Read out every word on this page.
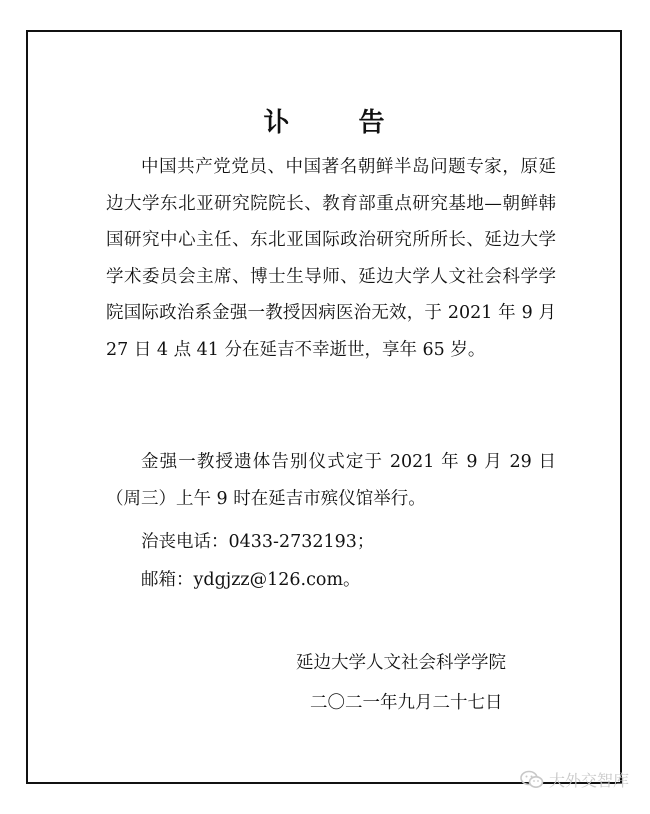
讣 告

中国共产党党员、中国著名朝鲜半岛问题专家，原延边大学东北亚研究院院长、教育部重点研究基地—朝鲜韩国研究中心主任、东北亚国际政治研究所所长、延边大学学术委员会主席、博士生导师、延边大学人文社会科学学院国际政治系金强一教授因病医治无效，于 2021 年 9 月 27 日 4 点 41 分在延吉不幸逝世，享年 65 岁。

金强一教授遗体告别仪式定于 2021 年 9 月 29 日（周三）上午 9 时在延吉市殡仪馆举行。

治丧电话：0433-2732193；

邮箱：ydgjzz@126.com。

延边大学人文社会科学学院

二〇二一年九月二十七日

大外交智库
